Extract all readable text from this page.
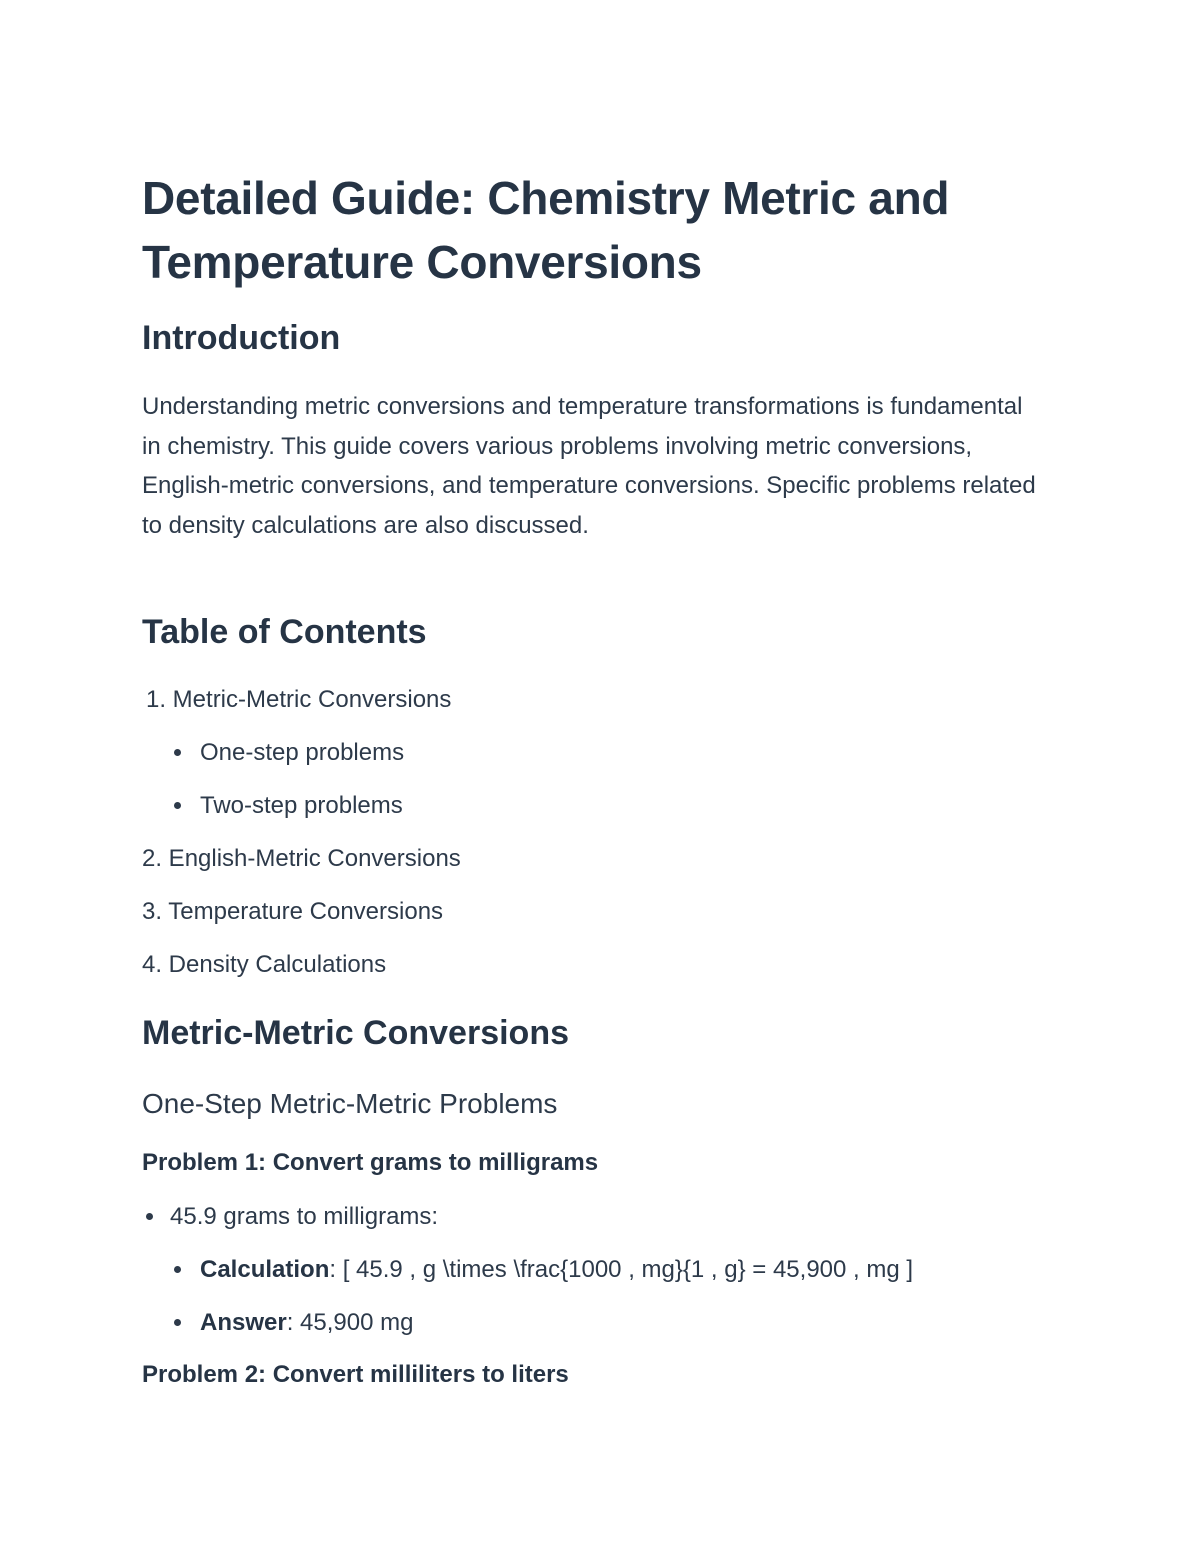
Detailed Guide: Chemistry Metric and Temperature Conversions
Introduction

Understanding metric conversions and temperature transformations is fundamental in chemistry. This guide covers various problems involving metric conversions, English-metric conversions, and temperature conversions. Specific problems related to density calculations are also discussed.

Table of Contents
1. Metric-Metric Conversions
One-step problems
Two-step problems
2. English-Metric Conversions
3. Temperature Conversions
4. Density Calculations
Metric-Metric Conversions
One-Step Metric-Metric Problems
Problem 1: Convert grams to milligrams
45.9 grams to milligrams:
Calculation: [ 45.9 , g \times \frac{1000 , mg}{1 , g} = 45,900 , mg ]
Answer: 45,900 mg
Problem 2: Convert milliliters to liters
